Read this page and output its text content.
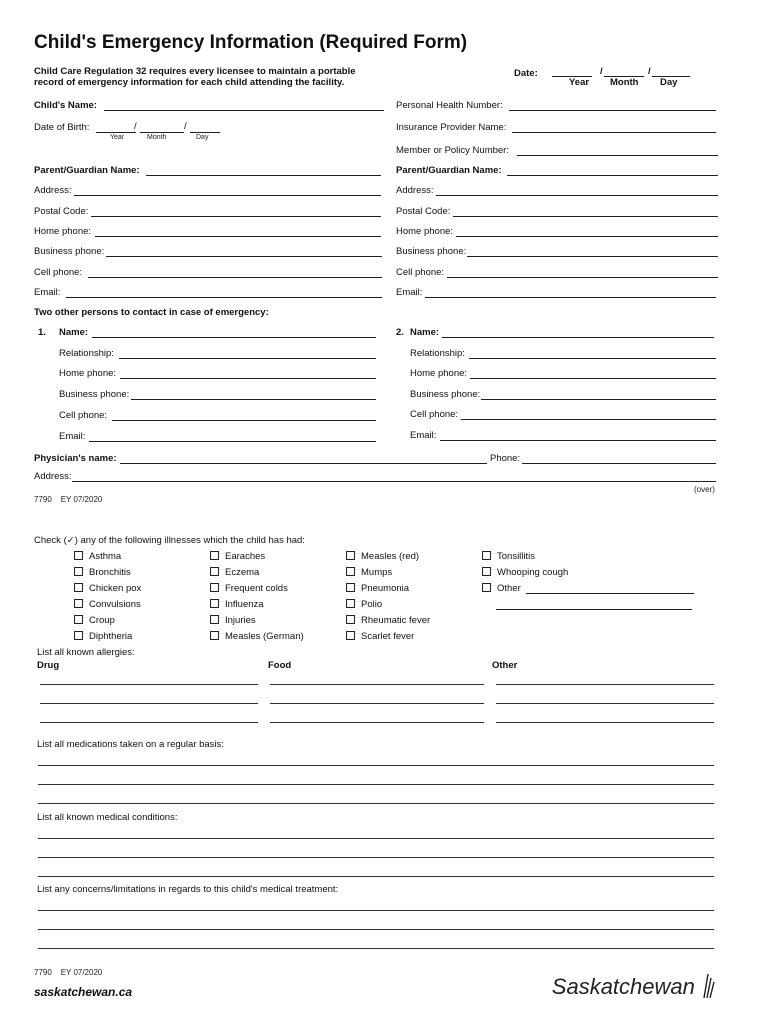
Child's Emergency Information (Required Form)
Child Care Regulation 32 requires every licensee to maintain a portable record of emergency information for each child attending the facility.
Date:	/	/
Year Month Day
Child's Name:
Date of Birth:	/	/
Year	Month	Day
Personal Health Number:
Insurance Provider Name:
Member or Policy Number:
Parent/Guardian Name:
Address:
Postal Code:
Home phone:
Business phone:
Cell phone:
Email:
Parent/Guardian Name:
Address:
Postal Code:
Home phone:
Business phone:
Cell phone:
Email:
Two other persons to contact in case of emergency:
1. Name:
Relationship:
Home phone:
Business phone:
Cell phone:
Email:
2. Name:
Relationship:
Home phone:
Business phone:
Cell phone:
Email:
Physician's name:	Phone:
Address:
(over)
7790    EY 07/2020
Check (✓) any of the following illnesses which the child has had:
Asthma
Bronchitis
Chicken pox
Convulsions
Croup
Diphtheria
Earaches
Eczema
Frequent colds
Influenza
Injuries
Measles (German)
Measles (red)
Mumps
Pneumonia
Polio
Rheumatic fever
Scarlet fever
Tonsillitis
Whooping cough
Other
List all known allergies:
Drug	Food	Other
List all medications taken on a regular basis:
List all known medical conditions:
List any concerns/limitations in regards to this child's medical treatment:
7790    EY 07/2020
saskatchewan.ca	Saskatchewan
